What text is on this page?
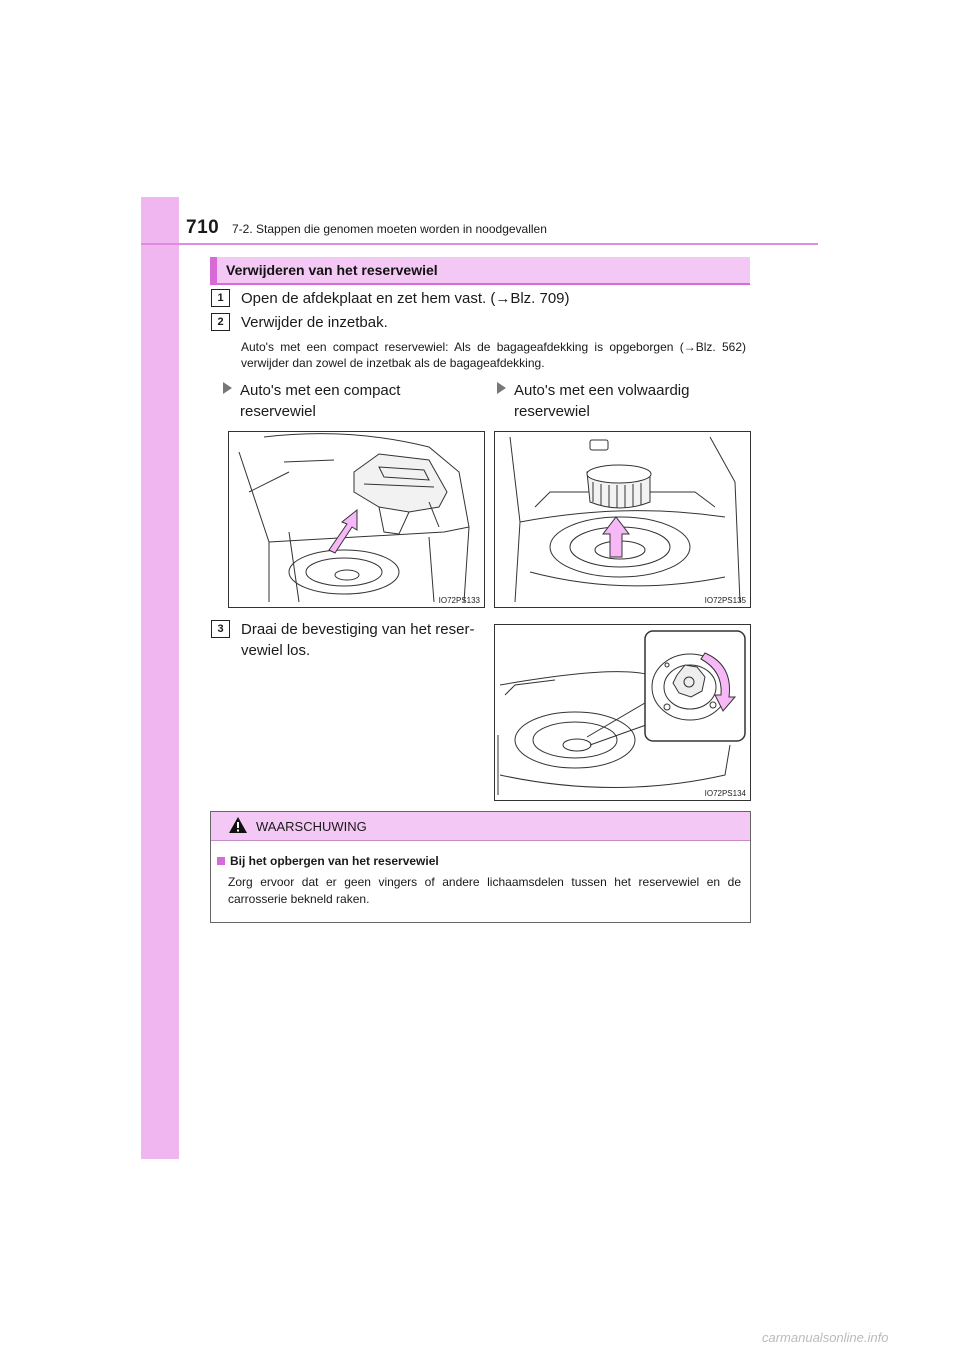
710 7-2. Stappen die genomen moeten worden in noodgevallen
Verwijderen van het reservewiel
1	Open de afdekplaat en zet hem vast. (→Blz. 709)
2	Verwijder de inzetbak.
Auto's met een compact reservewiel: Als de bagageafdekking is opgeborgen (→Blz. 562) verwijder dan zowel de inzetbak als de bagageafdekking.
Auto's met een compact
reservewiel
Auto's met een volwaardig
reservewiel
IO72PS133	IO72PS135
3	Draai de bevestiging van het reser-
vewiel los.
IO72PS134
WAARSCHUWING
Bij het opbergen van het reservewiel
Zorg ervoor dat er geen vingers of andere lichaamsdelen tussen het reservewiel en de carrosserie bekneld raken.
carmanualsonline.info
